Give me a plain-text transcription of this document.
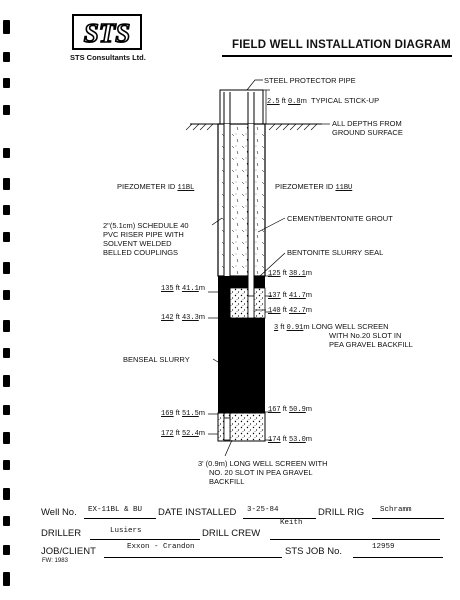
STS
STS Consultants Ltd.
FIELD WELL INSTALLATION DIAGRAM
STEEL PROTECTOR PIPE
2.5 ft 0.8m TYPICAL STICK-UP
ALL DEPTHS FROM
GROUND SURFACE
PIEZOMETER ID 11BL	PIEZOMETER ID 11BU
2"(5.1cm) SCHEDULE 40
PVC RISER PIPE WITH
SOLVENT WELDED
BELLED COUPLINGS
CEMENT/BENTONITE GROUT
BENTONITE SLURRY SEAL
BENSEAL SLURRY
135 ft 41.1m
142 ft 43.3m
169 ft 51.5m
172 ft 52.4m
125 ft 38.1m
137 ft 41.7m
140 ft 42.7m
167 ft 50.9m
174 ft 53.0m
3 ft 0.91m LONG WELL SCREEN
WITH No.20 SLOT IN
PEA GRAVEL BACKFILL
3' (0.9m) LONG WELL SCREEN WITH
NO. 20 SLOT IN PEA GRAVEL
BACKFILL
Well No. EX-11BL & BU DATE INSTALLED 3-25-84	DRILL RIG Schramm
DRILLER	Lusiers	DRILL CREW
Keith
JOB/CLIENT	Exxon - Crandon	STS JOB No.	12959
FW: 1983
